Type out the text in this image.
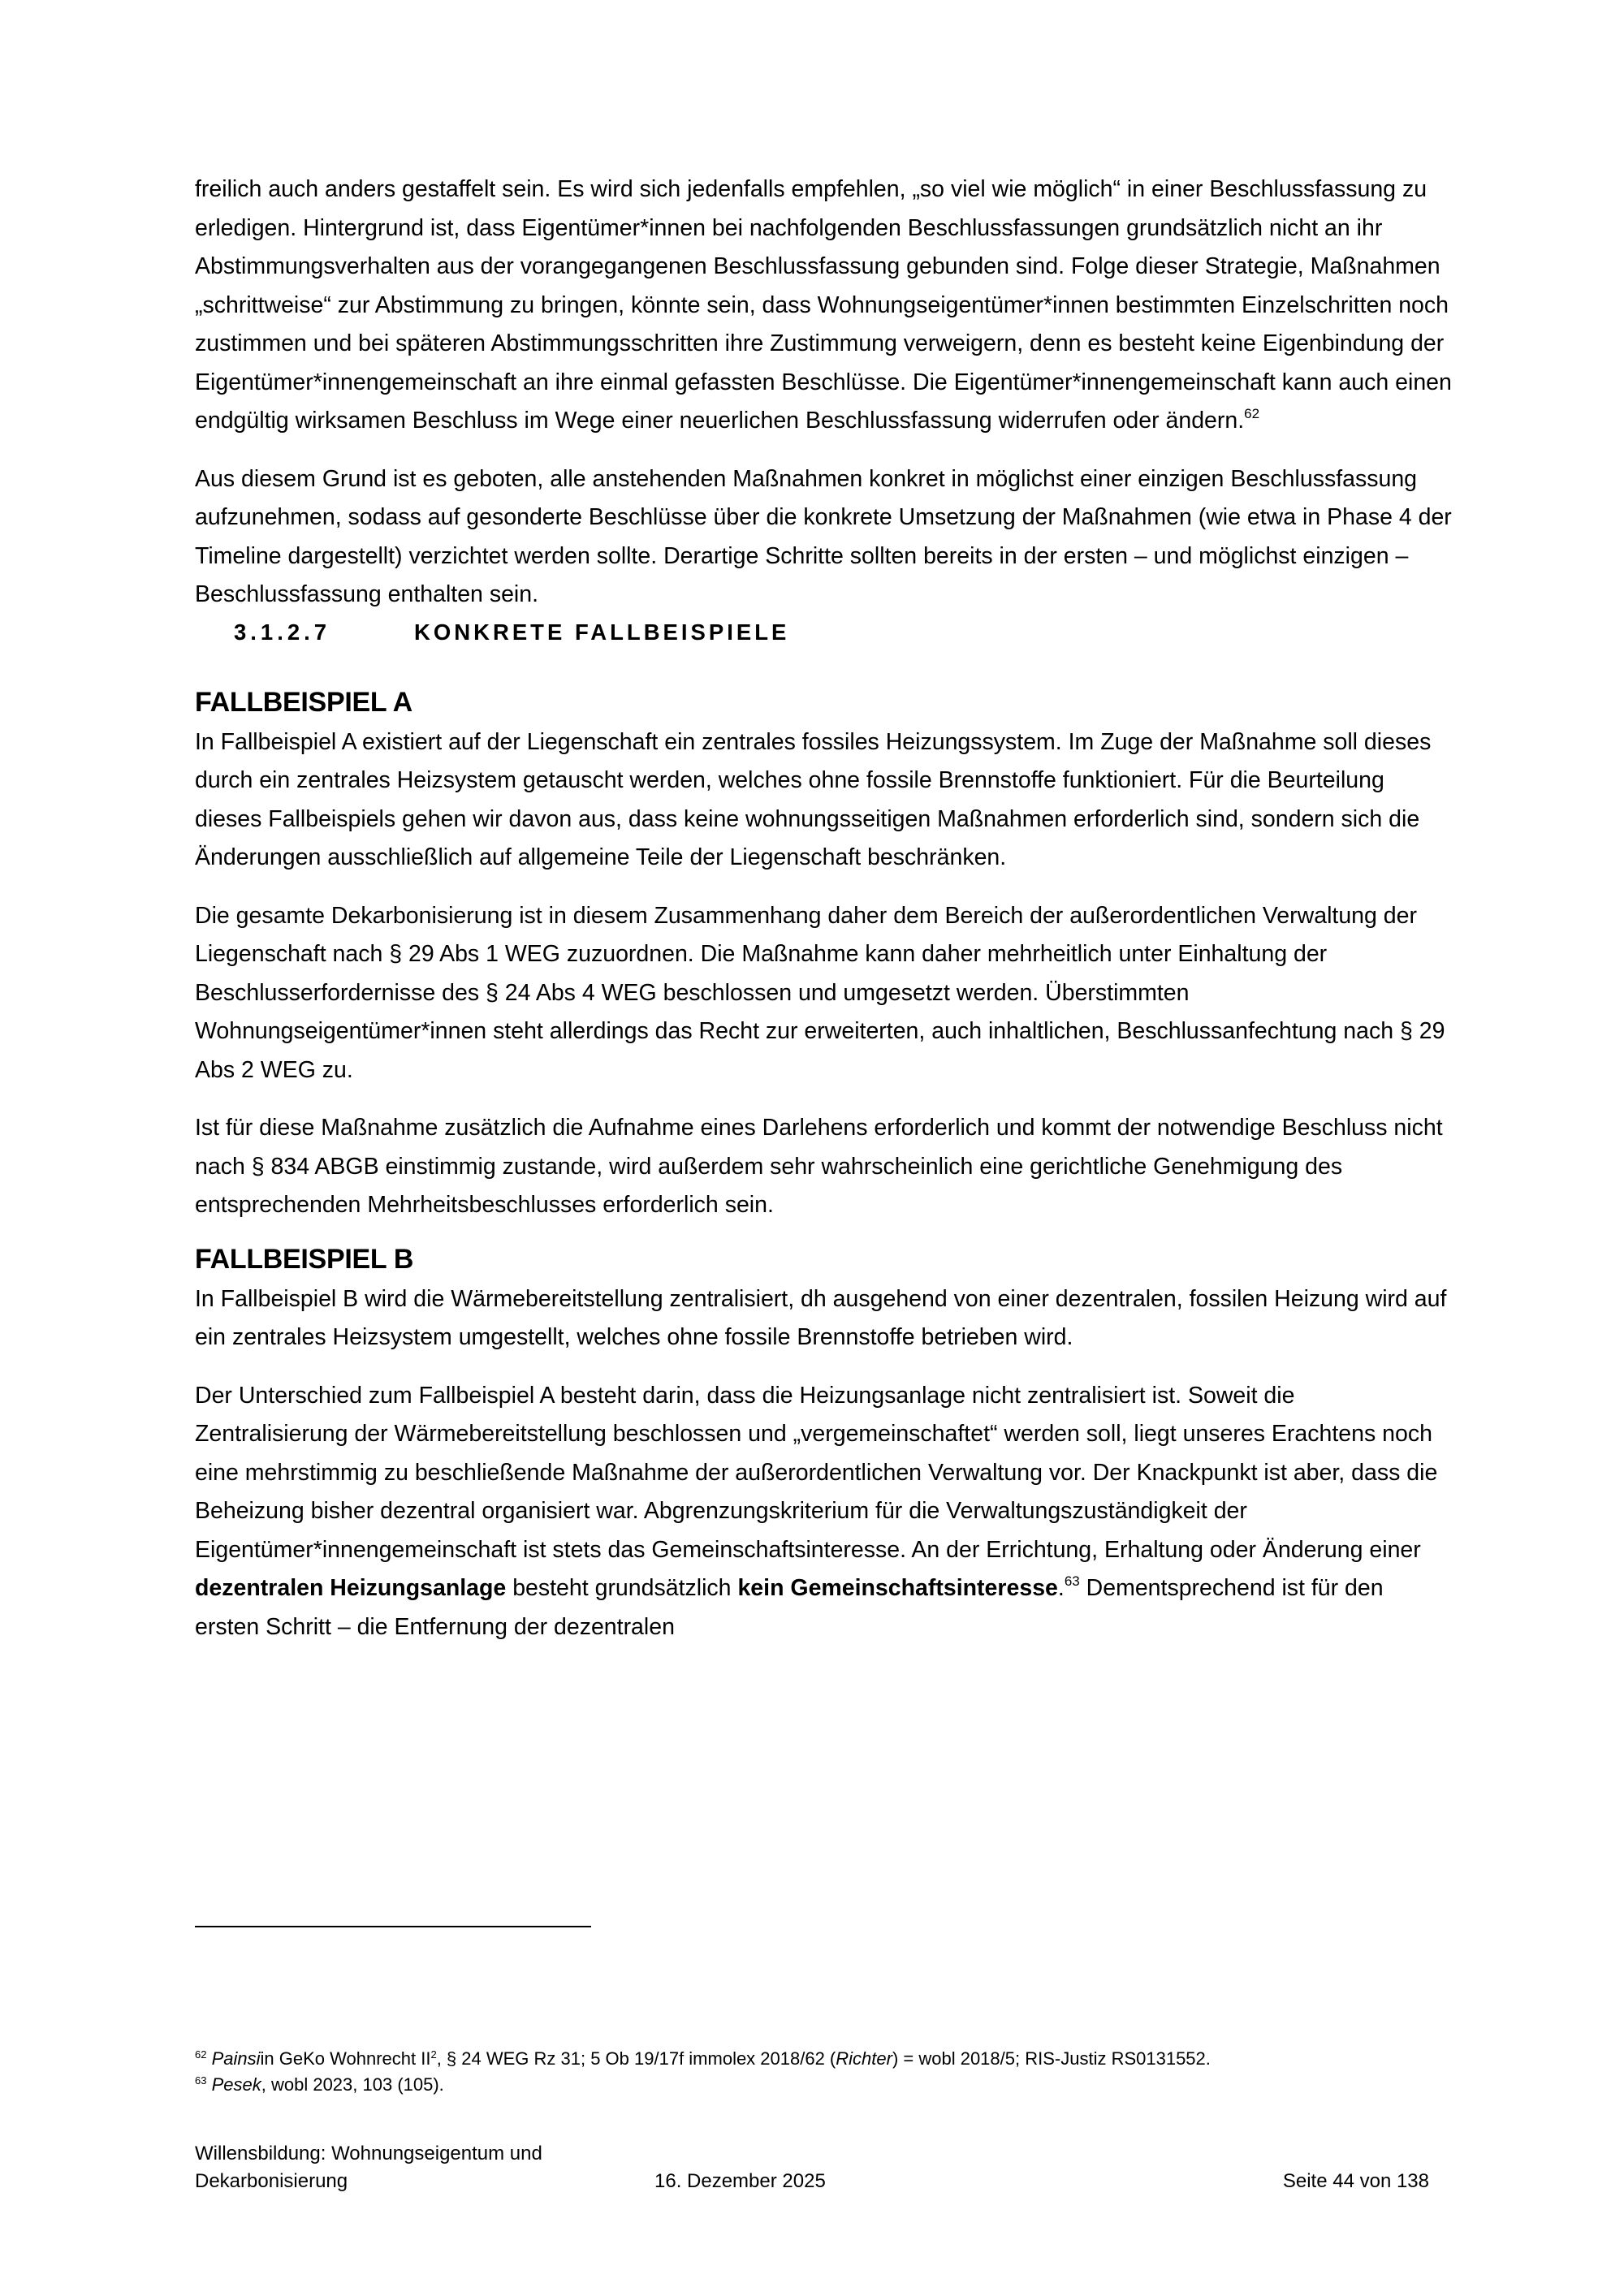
freilich auch anders gestaffelt sein. Es wird sich jedenfalls empfehlen, „so viel wie möglich“ in einer Beschlussfassung zu erledigen. Hintergrund ist, dass Eigentümer*innen bei nachfolgenden Beschlussfassungen grundsätzlich nicht an ihr Abstimmungsverhalten aus der vorangegangenen Beschlussfassung gebunden sind. Folge dieser Strategie, Maßnahmen „schrittweise“ zur Abstimmung zu bringen, könnte sein, dass Wohnungseigentümer*innen bestimmten Einzelschritten noch zustimmen und bei späteren Abstimmungsschritten ihre Zustimmung verweigern, denn es besteht keine Eigenbindung der Eigentümer*innengemeinschaft an ihre einmal gefassten Beschlüsse. Die Eigentümer*innengemeinschaft kann auch einen endgültig wirksamen Beschluss im Wege einer neuerlichen Beschlussfassung widerrufen oder ändern.$^{62}$

Aus diesem Grund ist es geboten, alle anstehenden Maßnahmen konkret in möglichst einer einzigen Beschlussfassung aufzunehmen, sodass auf gesonderte Beschlüsse über die konkrete Umsetzung der Maßnahmen (wie etwa in Phase 4 der Timeline dargestellt) verzichtet werden sollte. Derartige Schritte sollten bereits in der ersten – und möglichst einzigen – Beschlussfassung enthalten sein.

3.1.2.7	KONKRETE FALLBEISPIELE
FALLBEISPIEL A

In Fallbeispiel A existiert auf der Liegenschaft ein zentrales fossiles Heizungssystem. Im Zuge der Maßnahme soll dieses durch ein zentrales Heizsystem getauscht werden, welches ohne fossile Brennstoffe funktioniert. Für die Beurteilung dieses Fallbeispiels gehen wir davon aus, dass keine wohnungsseitigen Maßnahmen erforderlich sind, sondern sich die Änderungen ausschließlich auf allgemeine Teile der Liegenschaft beschränken.

Die gesamte Dekarbonisierung ist in diesem Zusammenhang daher dem Bereich der außerordentlichen Verwaltung der Liegenschaft nach § 29 Abs 1 WEG zuzuordnen. Die Maßnahme kann daher mehrheitlich unter Einhaltung der Beschlusserfordernisse des § 24 Abs 4 WEG beschlossen und umgesetzt werden. Überstimmten Wohnungseigentümer*innen steht allerdings das Recht zur erweiterten, auch inhaltlichen, Beschlussanfechtung nach § 29 Abs 2 WEG zu.

Ist für diese Maßnahme zusätzlich die Aufnahme eines Darlehens erforderlich und kommt der notwendige Beschluss nicht nach § 834 ABGB einstimmig zustande, wird außerdem sehr wahrscheinlich eine gerichtliche Genehmigung des entsprechenden Mehrheitsbeschlusses erforderlich sein.

FALLBEISPIEL B

In Fallbeispiel B wird die Wärmebereitstellung zentralisiert, dh ausgehend von einer dezentralen, fossilen Heizung wird auf ein zentrales Heizsystem umgestellt, welches ohne fossile Brennstoffe betrieben wird.

Der Unterschied zum Fallbeispiel A besteht darin, dass die Heizungsanlage nicht zentralisiert ist. Soweit die Zentralisierung der Wärmebereitstellung beschlossen und „vergemeinschaftet“ werden soll, liegt unseres Erachtens noch eine mehrstimmig zu beschließende Maßnahme der außerordentlichen Verwaltung vor. Der Knackpunkt ist aber, dass die Beheizung bisher dezentral organisiert war. Abgrenzungskriterium für die Verwaltungszuständigkeit der Eigentümer*innengemeinschaft ist stets das Gemeinschaftsinteresse. An der Errichtung, Erhaltung oder Änderung einer dezentralen Heizungsanlage besteht grundsätzlich kein Gemeinschaftsinteresse.$^{63}$ Dementsprechend ist für den ersten Schritt – die Entfernung der dezentralen

$^{62}$ Painsiin GeKo Wohnrecht $II^2$, § 24 WEG Rz 31; 5 Ob 19/17f immolex 2018/62 (Richter) = wobl 2018/5; RIS-Justiz RS0131552.

$^{63}$ Pesek, wobl 2023, 103 (105).

Willensbildung: Wohnungseigentum und
Dekarbonisierung	16. Dezember 2025	Seite 44 von 138
